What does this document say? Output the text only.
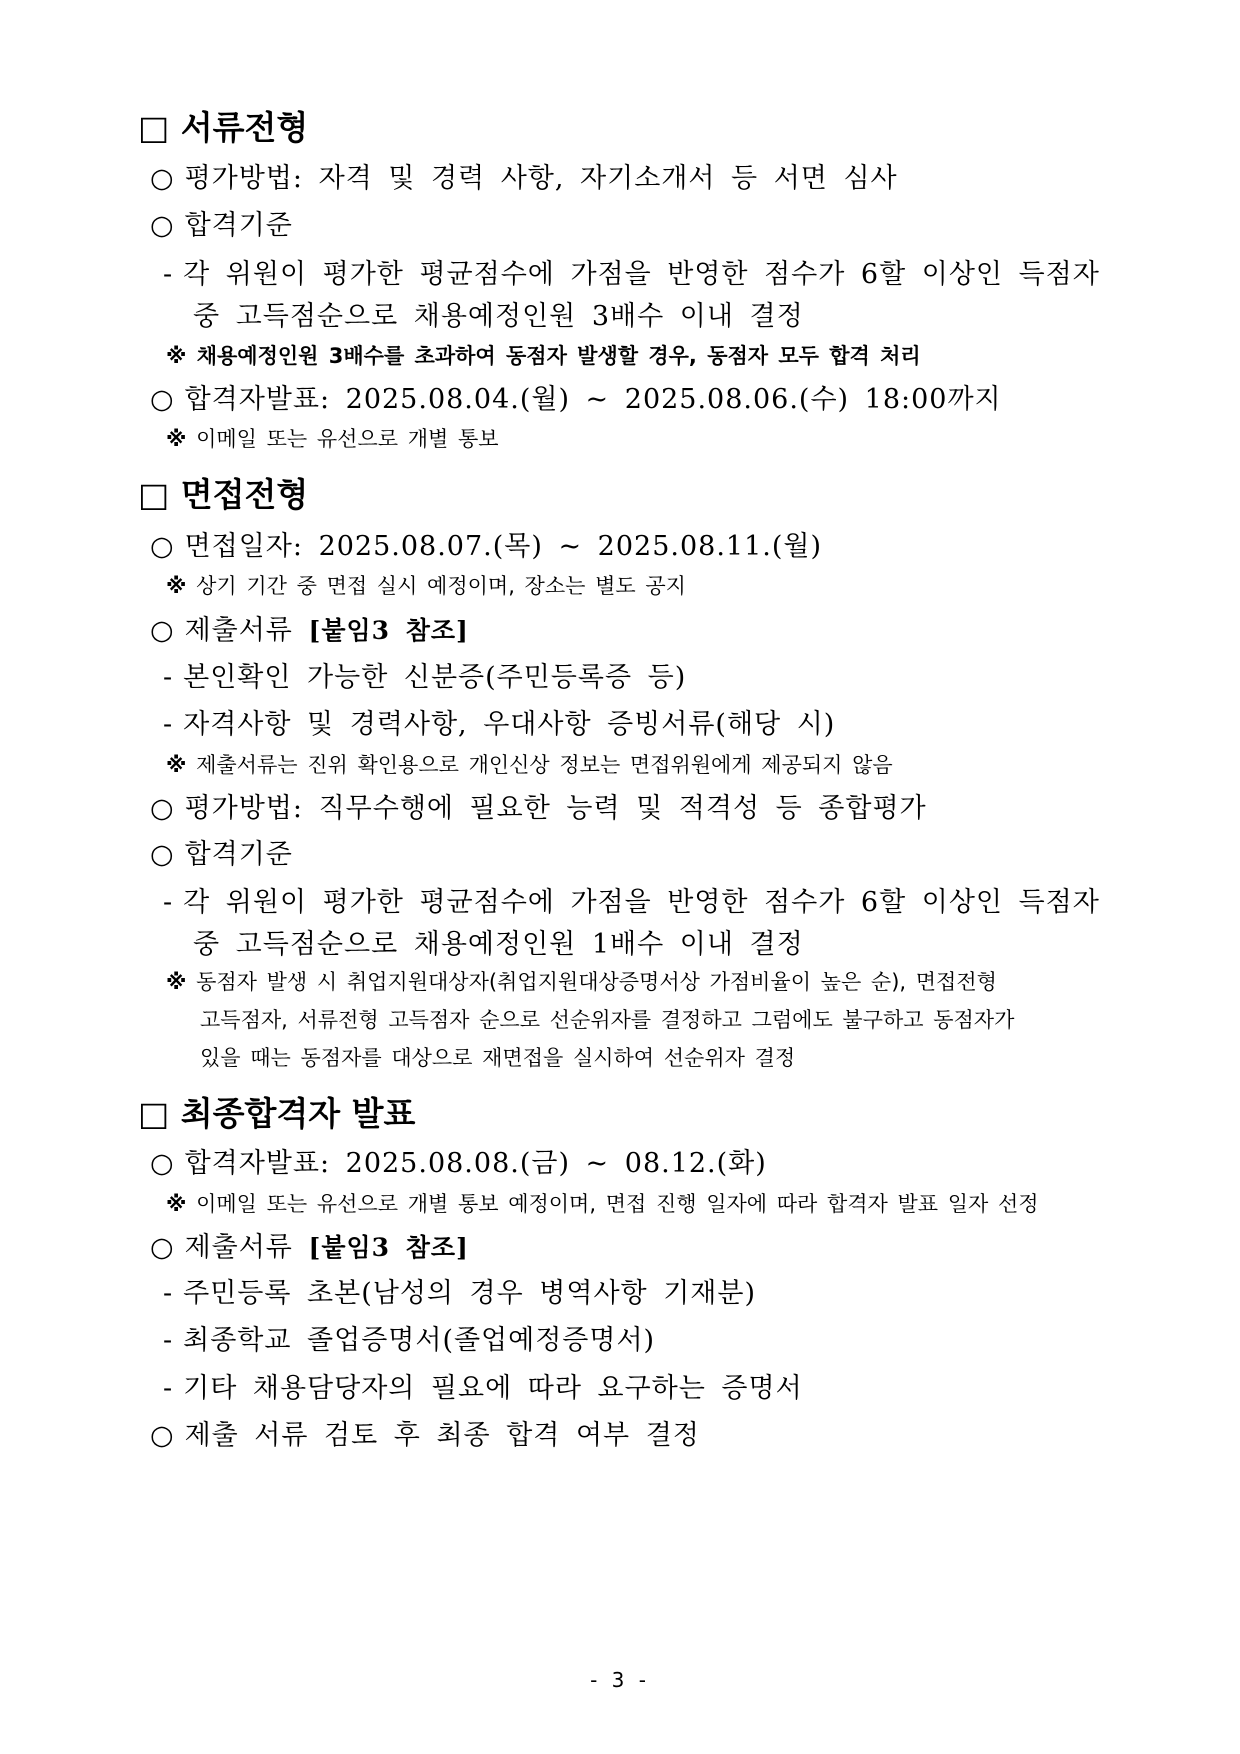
□ 서류전형
○ 평가방법: 자격 및 경력 사항, 자기소개서 등 서면 심사
○ 합격기준
- 각 위원이 평가한 평균점수에 가점을 반영한 점수가 6할 이상인 득점자
중 고득점순으로 채용예정인원 3배수 이내 결정
※ 채용예정인원 3배수를 초과하여 동점자 발생할 경우, 동점자 모두 합격 처리
○ 합격자발표: 2025.08.04.(월) ~ 2025.08.06.(수) 18:00까지
※ 이메일 또는 유선으로 개별 통보
□ 면접전형
○ 면접일자: 2025.08.07.(목) ~ 2025.08.11.(월)
※ 상기 기간 중 면접 실시 예정이며, 장소는 별도 공지
○ 제출서류 [붙임3 참조]
- 본인확인 가능한 신분증(주민등록증 등)
- 자격사항 및 경력사항, 우대사항 증빙서류(해당 시)
※ 제출서류는 진위 확인용으로 개인신상 정보는 면접위원에게 제공되지 않음
○ 평가방법: 직무수행에 필요한 능력 및 적격성 등 종합평가
○ 합격기준
- 각 위원이 평가한 평균점수에 가점을 반영한 점수가 6할 이상인 득점자
중 고득점순으로 채용예정인원 1배수 이내 결정
※ 동점자 발생 시 취업지원대상자(취업지원대상증명서상 가점비율이 높은 순), 면접전형
고득점자, 서류전형 고득점자 순으로 선순위자를 결정하고 그럼에도 불구하고 동점자가
있을 때는 동점자를 대상으로 재면접을 실시하여 선순위자 결정
□ 최종합격자 발표
○ 합격자발표: 2025.08.08.(금) ~ 08.12.(화)
※ 이메일 또는 유선으로 개별 통보 예정이며, 면접 진행 일자에 따라 합격자 발표 일자 선정
○ 제출서류 [붙임3 참조]
- 주민등록 초본(남성의 경우 병역사항 기재분)
- 최종학교 졸업증명서(졸업예정증명서)
- 기타 채용담당자의 필요에 따라 요구하는 증명서
○ 제출 서류 검토 후 최종 합격 여부 결정
- 3 -
